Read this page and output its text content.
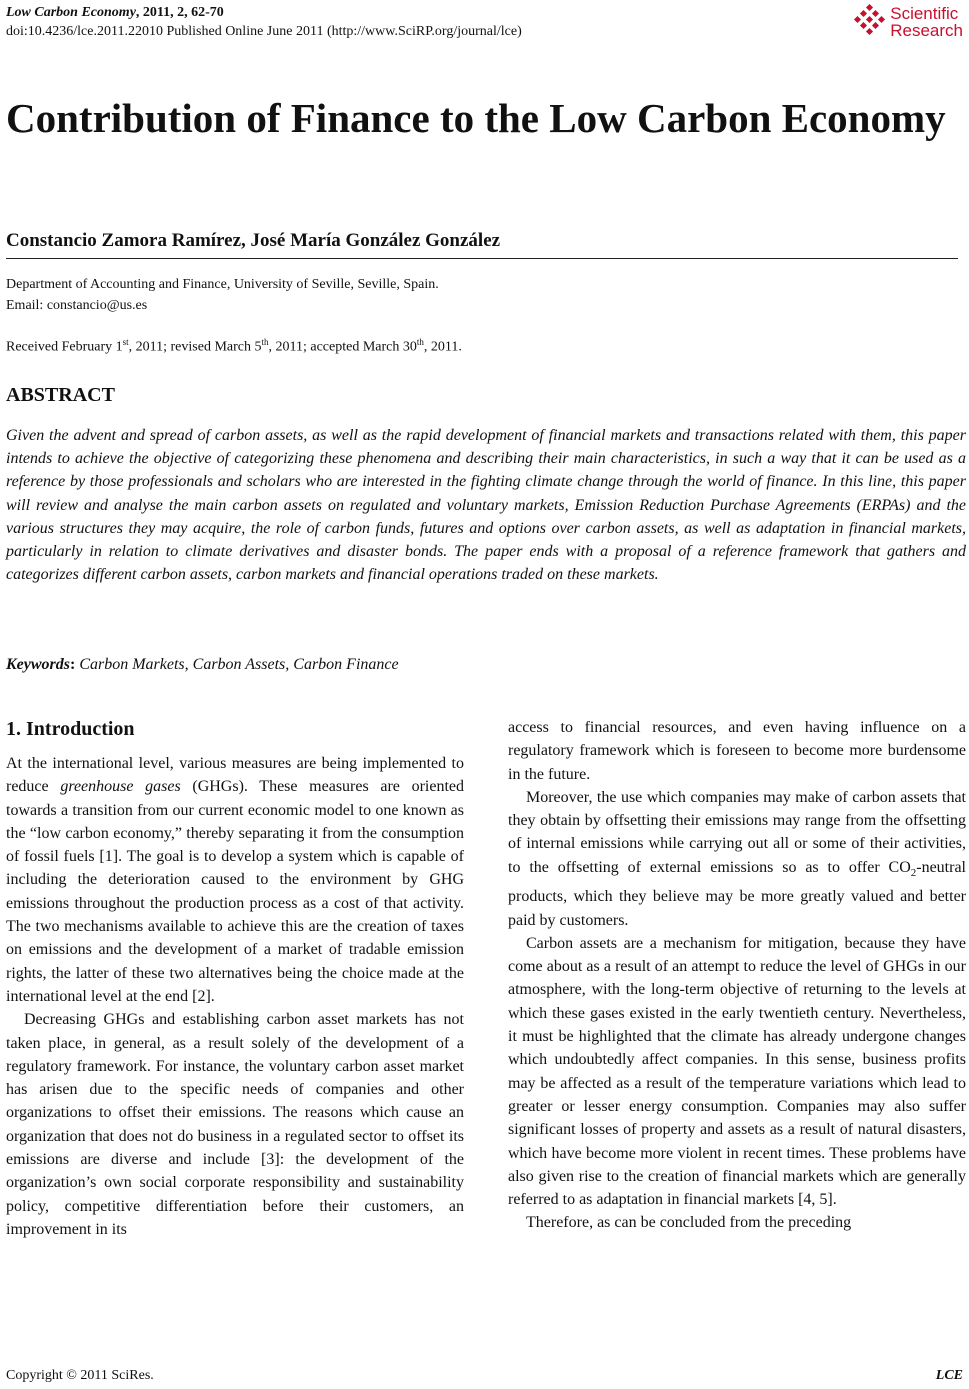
Low Carbon Economy, 2011, 2, 62-70
doi:10.4236/lce.2011.22010 Published Online June 2011 (http://www.SciRP.org/journal/lce)
Scientific
Research
Contribution of Finance to the Low Carbon Economy
Constancio Zamora Ramírez, José María González González
Department of Accounting and Finance, University of Seville, Seville, Spain.
Email: constancio@us.es
Received February 1st, 2011; revised March 5th, 2011; accepted March 30th, 2011.
ABSTRACT
Given the advent and spread of carbon assets, as well as the rapid development of financial markets and transactions related with them, this paper intends to achieve the objective of categorizing these phenomena and describing their main characteristics, in such a way that it can be used as a reference by those professionals and scholars who are interested in the fighting climate change through the world of finance. In this line, this paper will review and analyse the main carbon assets on regulated and voluntary markets, Emission Reduction Purchase Agreements (ERPAs) and the various structures they may acquire, the role of carbon funds, futures and options over carbon assets, as well as adaptation in financial markets, particularly in relation to climate derivatives and disaster bonds. The paper ends with a proposal of a reference framework that gathers and categorizes different carbon assets, carbon markets and financial operations traded on these markets.
Keywords: Carbon Markets, Carbon Assets, Carbon Finance
1. Introduction

At the international level, various measures are being implemented to reduce greenhouse gases (GHGs). These measures are oriented towards a transition from our current economic model to one known as the “low carbon economy,” thereby separating it from the consumption of fossil fuels [1]. The goal is to develop a system which is capable of including the deterioration caused to the environment by GHG emissions throughout the production process as a cost of that activity. The two mechanisms available to achieve this are the creation of taxes on emissions and the development of a market of tradable emission rights, the latter of these two alternatives being the choice made at the international level at the end [2].

Decreasing GHGs and establishing carbon asset markets has not taken place, in general, as a result solely of the development of a regulatory framework. For instance, the voluntary carbon asset market has arisen due to the specific needs of companies and other organizations to offset their emissions. The reasons which cause an organization that does not do business in a regulated sector to offset its emissions are diverse and include [3]: the development of the organization’s own social corporate responsibility and sustainability policy, competitive differentiation before their customers, an improvement in its

access to financial resources, and even having influence on a regulatory framework which is foreseen to become more burdensome in the future.

Moreover, the use which companies may make of carbon assets that they obtain by offsetting their emissions may range from the offsetting of internal emissions while carrying out all or some of their activities, to the offsetting of external emissions so as to offer $CO_2$-neutral products, which they believe may be more greatly valued and better paid by customers.

Carbon assets are a mechanism for mitigation, because they have come about as a result of an attempt to reduce the level of GHGs in our atmosphere, with the long-term objective of returning to the levels at which these gases existed in the early twentieth century. Nevertheless, it must be highlighted that the climate has already undergone changes which undoubtedly affect companies. In this sense, business profits may be affected as a result of the temperature variations which lead to greater or lesser energy consumption. Companies may also suffer significant losses of property and assets as a result of natural disasters, which have become more violent in recent times. These problems have also given rise to the creation of financial markets which are generally referred to as adaptation in financial markets [4, 5].

Therefore, as can be concluded from the preceding

Copyright © 2011 SciRes.	LCE
